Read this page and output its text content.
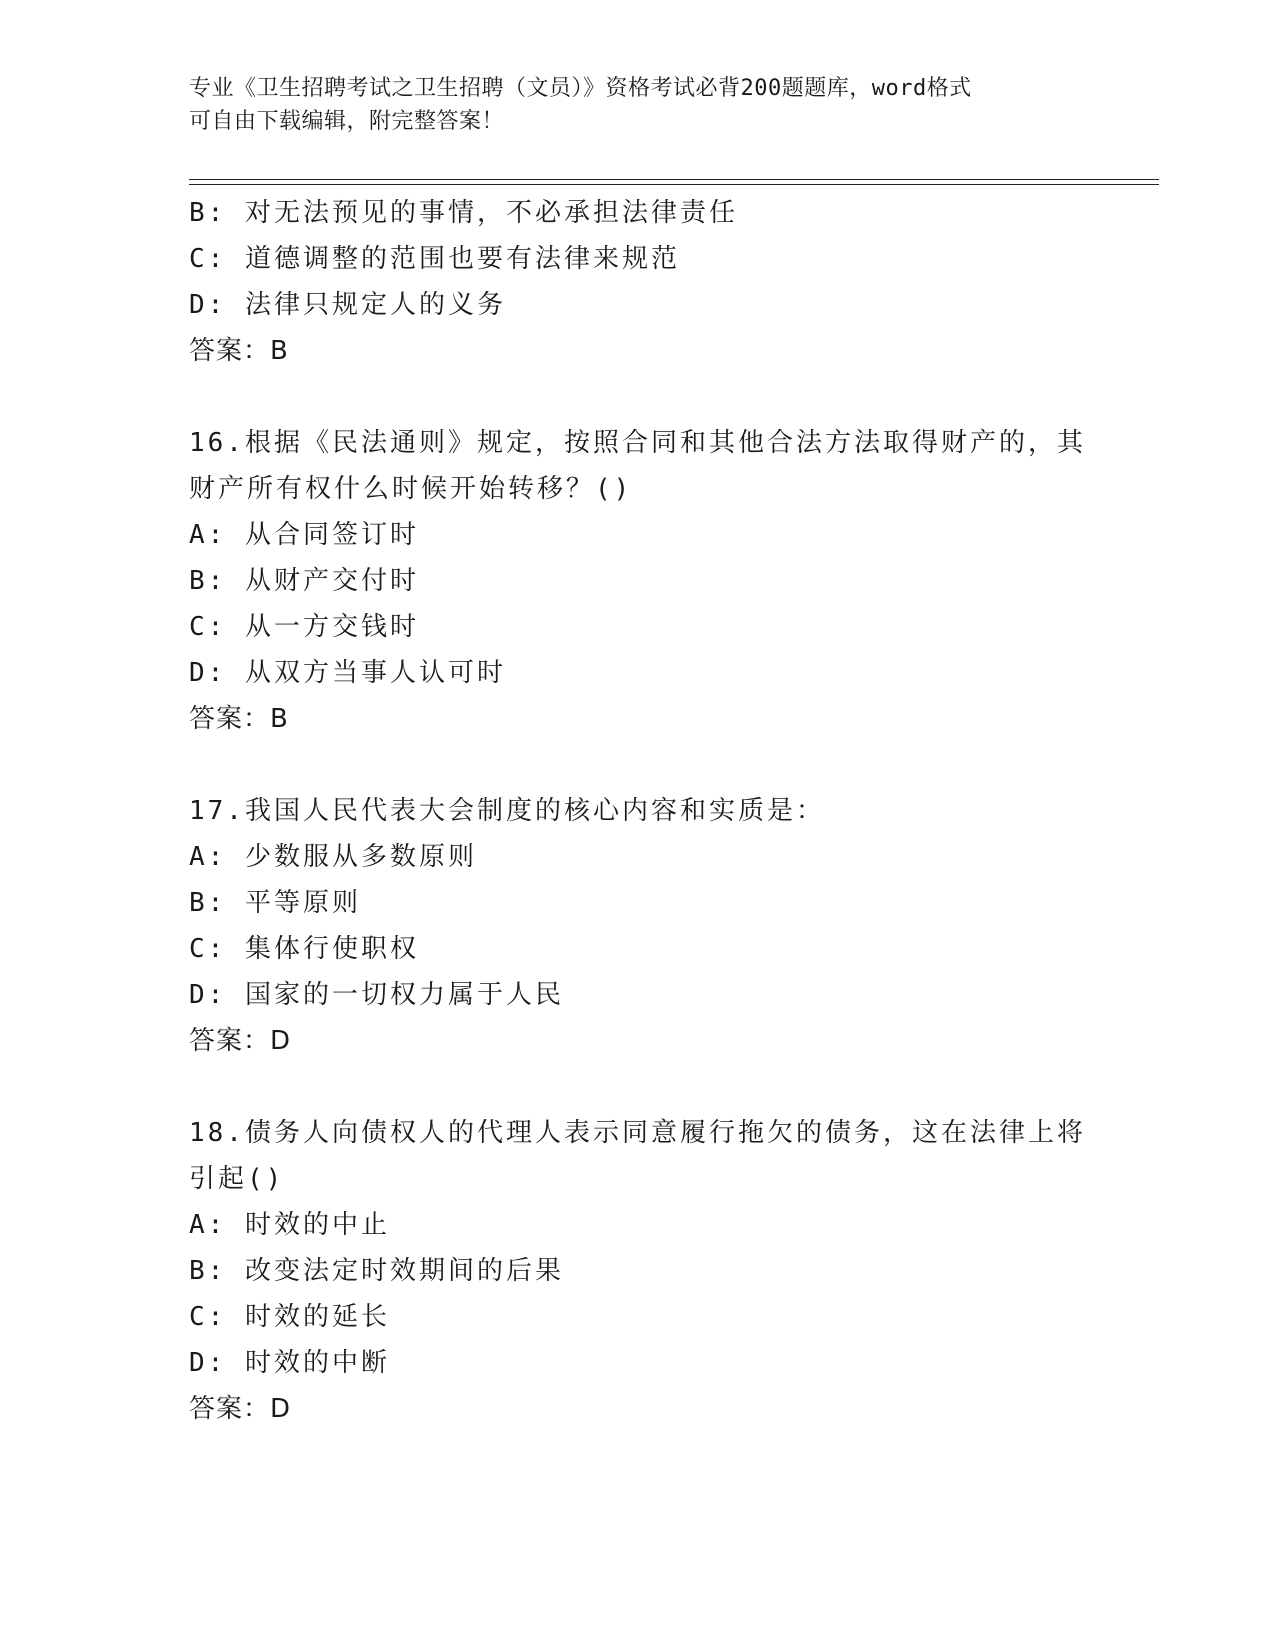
专业《卫生招聘考试之卫生招聘（文员）》资格考试必背200题题库，word格式
可自由下载编辑，附完整答案！
B: 对无法预见的事情，不必承担法律责任
C: 道德调整的范围也要有法律来规范
D: 法律只规定人的义务
答案：B
16.根据《民法通则》规定，按照合同和其他合法方法取得财产的，其
财产所有权什么时候开始转移？()
A: 从合同签订时
B: 从财产交付时
C: 从一方交钱时
D: 从双方当事人认可时
答案：B
17.我国人民代表大会制度的核心内容和实质是：
A: 少数服从多数原则
B: 平等原则
C: 集体行使职权
D: 国家的一切权力属于人民
答案：D
18.债务人向债权人的代理人表示同意履行拖欠的债务，这在法律上将
引起()
A: 时效的中止
B: 改变法定时效期间的后果
C: 时效的延长
D: 时效的中断
答案：D
